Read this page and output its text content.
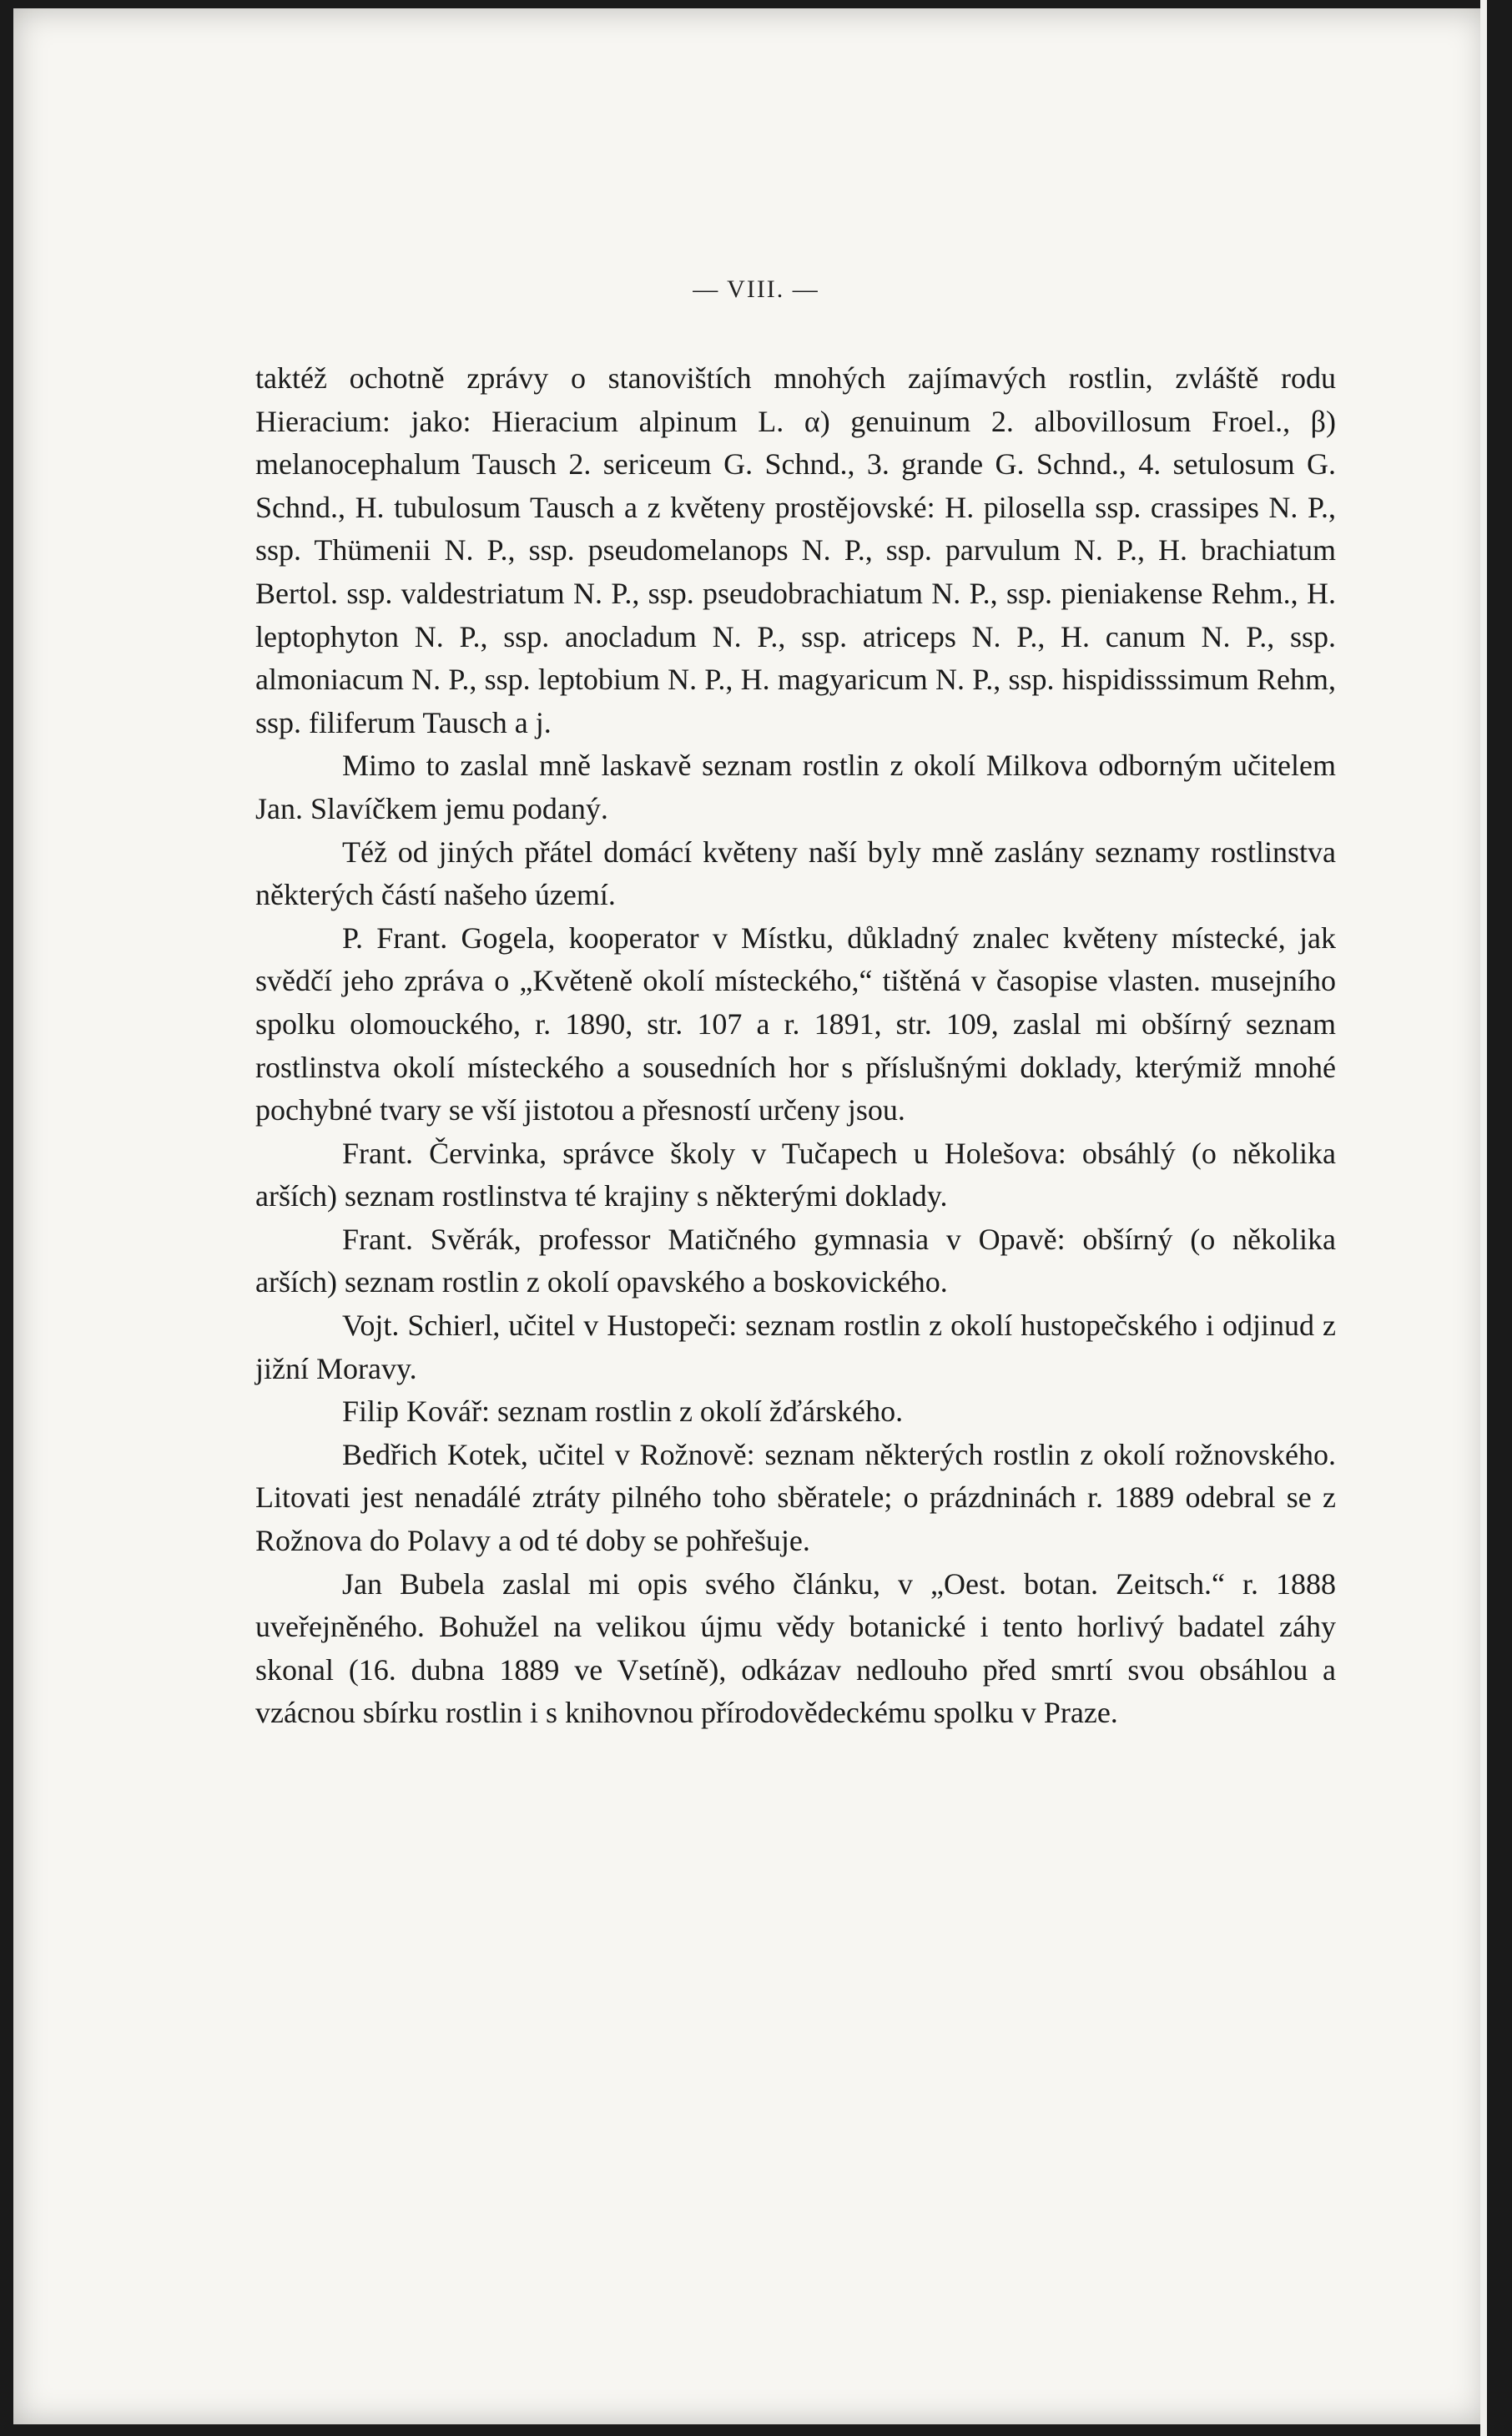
— VIII. —

taktéž ochotně zprávy o stanovištích mnohých zajímavých rostlin, zvláště rodu Hieracium: jako: Hieracium alpinum L. α) genuinum 2. albovillosum Froel., β) melanocephalum Tausch 2. sericeum G. Schnd., 3. grande G. Schnd., 4. setulosum G. Schnd., H. tubulosum Tausch a z květeny prostějovské: H. pilosella ssp. crassipes N. P., ssp. Thümenii N. P., ssp. pseudomelanops N. P., ssp. parvulum N. P., H. brachiatum Bertol. ssp. valdestriatum N. P., ssp. pseudobrachiatum N. P., ssp. pieniakense Rehm., H. leptophyton N. P., ssp. anocladum N. P., ssp. atriceps N. P., H. canum N. P., ssp. almoniacum N. P., ssp. leptobium N. P., H. magyaricum N. P., ssp. hispidisssimum Rehm, ssp. filiferum Tausch a j.

Mimo to zaslal mně laskavě seznam rostlin z okolí Milkova odborným učitelem Jan. Slavíčkem jemu podaný.

Též od jiných přátel domácí květeny naší byly mně zaslány seznamy rostlinstva některých částí našeho území.

P. Frant. Gogela, kooperator v Místku, důkladný znalec květeny místecké, jak svědčí jeho zpráva o „Květeně okolí místeckého,“ tištěná v časopise vlasten. musejního spolku olomouckého, r. 1890, str. 107 a r. 1891, str. 109, zaslal mi obšírný seznam rostlinstva okolí místeckého a sousedních hor s příslušnými doklady, kterýmiž mnohé pochybné tvary se vší jistotou a přesností určeny jsou.

Frant. Červinka, správce školy v Tučapech u Holešova: obsáhlý (o několika arších) seznam rostlinstva té krajiny s některými doklady.

Frant. Svěrák, professor Matičného gymnasia v Opavě: obšírný (o několika arších) seznam rostlin z okolí opavského a boskovického.

Vojt. Schierl, učitel v Hustopeči: seznam rostlin z okolí hustopečského i odjinud z jižní Moravy.

Filip Kovář: seznam rostlin z okolí žďárského.

Bedřich Kotek, učitel v Rožnově: seznam některých rostlin z okolí rožnovského. Litovati jest nenadálé ztráty pilného toho sběratele; o prázdninách r. 1889 odebral se z Rožnova do Polavy a od té doby se pohřešuje.

Jan Bubela zaslal mi opis svého článku, v „Oest. botan. Zeitsch.“ r. 1888 uveřejněného. Bohužel na velikou újmu vědy botanické i tento horlivý badatel záhy skonal (16. dubna 1889 ve Vsetíně), odkázav nedlouho před smrtí svou obsáhlou a vzácnou sbírku rostlin i s knihovnou přírodovědeckému spolku v Praze.
